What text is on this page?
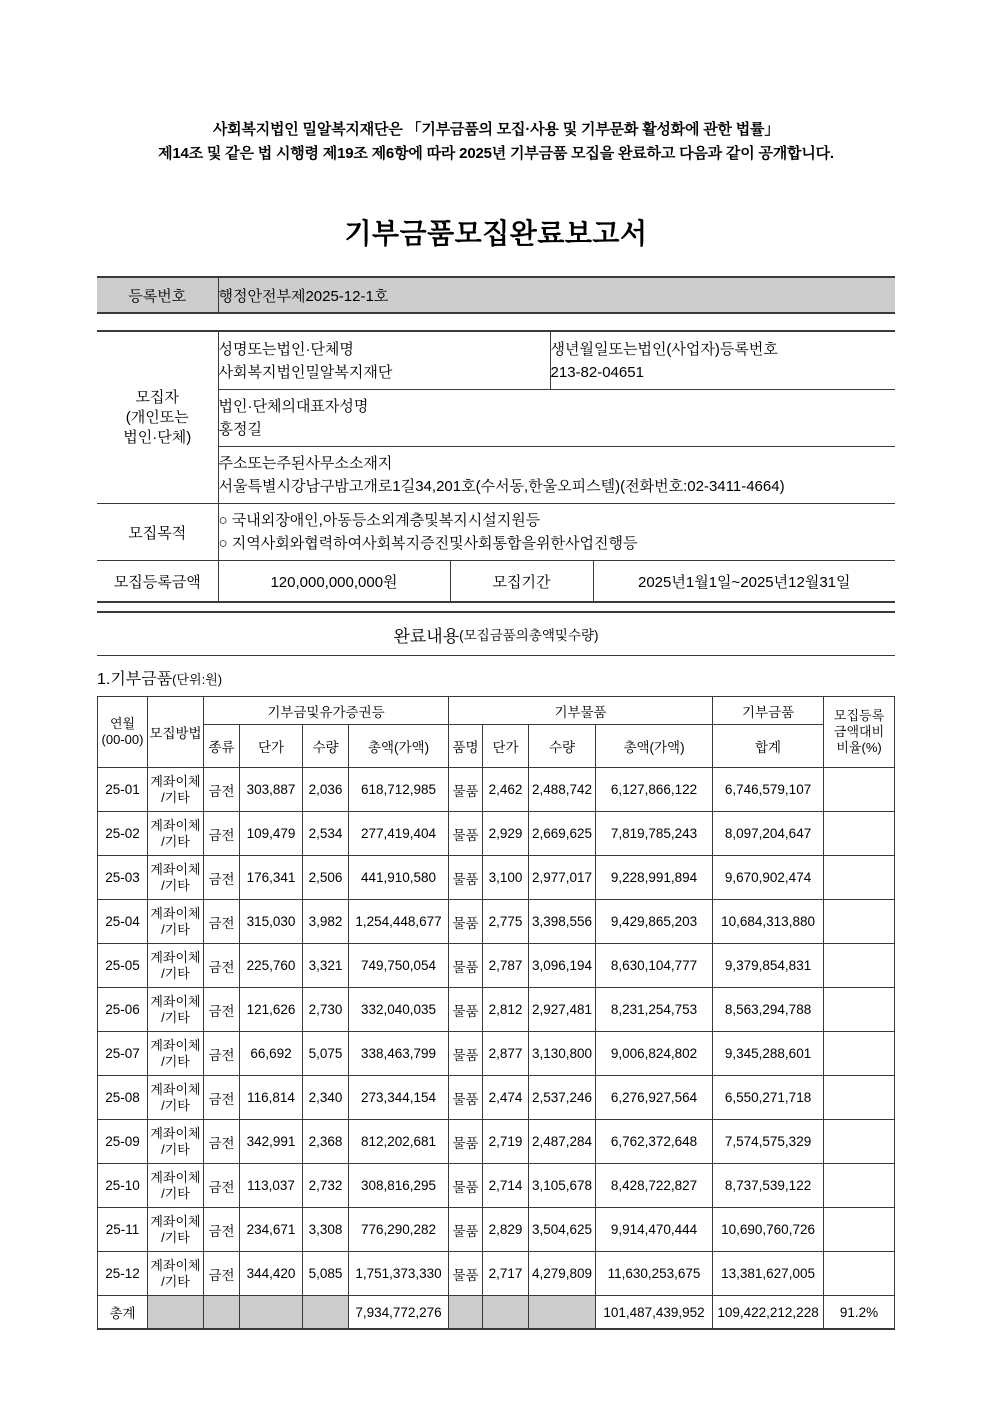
사회복지법인 밀알복지재단은 「기부금품의 모집·사용 및 기부문화 활성화에 관한 법률」
제14조 및 같은 법 시행령 제19조 제6항에 따라 2025년 기부금품 모집을 완료하고 다음과 같이 공개합니다.
기부금품모집완료보고서
등록번호	행정안전부제2025-12-1호
모집자
(개인또는
법인·단체)

성명또는법인·단체명
사회복지법인밀알복지재단

생년월일또는법인(사업자)등록번호
213-82-04651

	법인·단체의대표자성명
홍정길			

	주소또는주된사무소소재지
서울특별시강남구밤고개로1길34,201호(수서동,한울오피스텔)(전화번호:02-3411-4664)			

모집목적	○ 국내외장애인,아동등소외계층및복지시설지원등
○ 지역사회와협력하여사회복지증진및사회통합을위한사업진행등			

모집등록금액	120,000,000,000원	모집기간		2025년1월1일~2025년12월31일
완료내용 (모집금품의총액및수량)
1.기부금품(단위:원)
연월
(00-00)	모집방법	기부금및유가증권등	기부물품	기부금품	모집등록
금액대비
비율(%)

		종류	단가	수량	총액(가액)	품명	단가	수량	총액(가액)	합계	
25-01	계좌이체
/기타	금전	303,887	2,036	618,712,985	물품	2,462	2,488,742	6,127,866,122	6,746,579,107	
25-02	계좌이체
/기타	금전	109,479	2,534	277,419,404	물품	2,929	2,669,625	7,819,785,243	8,097,204,647	
25-03	계좌이체
/기타	금전	176,341	2,506	441,910,580	물품	3,100	2,977,017	9,228,991,894	9,670,902,474	
25-04	계좌이체
/기타	금전	315,030	3,982	1,254,448,677	물품	2,775	3,398,556	9,429,865,203	10,684,313,880	
25-05	계좌이체
/기타	금전	225,760	3,321	749,750,054	물품	2,787	3,096,194	8,630,104,777	9,379,854,831	
25-06	계좌이체
/기타	금전	121,626	2,730	332,040,035	물품	2,812	2,927,481	8,231,254,753	8,563,294,788	
25-07	계좌이체
/기타	금전	66,692	5,075	338,463,799	물품	2,877	3,130,800	9,006,824,802	9,345,288,601	
25-08	계좌이체
/기타	금전	116,814	2,340	273,344,154	물품	2,474	2,537,246	6,276,927,564	6,550,271,718	
25-09	계좌이체
/기타	금전	342,991	2,368	812,202,681	물품	2,719	2,487,284	6,762,372,648	7,574,575,329	
25-10	계좌이체
/기타	금전	113,037	2,732	308,816,295	물품	2,714	3,105,678	8,428,722,827	8,737,539,122	
25-11	계좌이체
/기타	금전	234,671	3,308	776,290,282	물품	2,829	3,504,625	9,914,470,444	10,690,760,726	
25-12	계좌이체
/기타	금전	344,420	5,085	1,751,373,330	물품	2,717	4,279,809	11,630,253,675	13,381,627,005	
총계					7,934,772,276				101,487,439,952	109,422,212,228	91.2%
